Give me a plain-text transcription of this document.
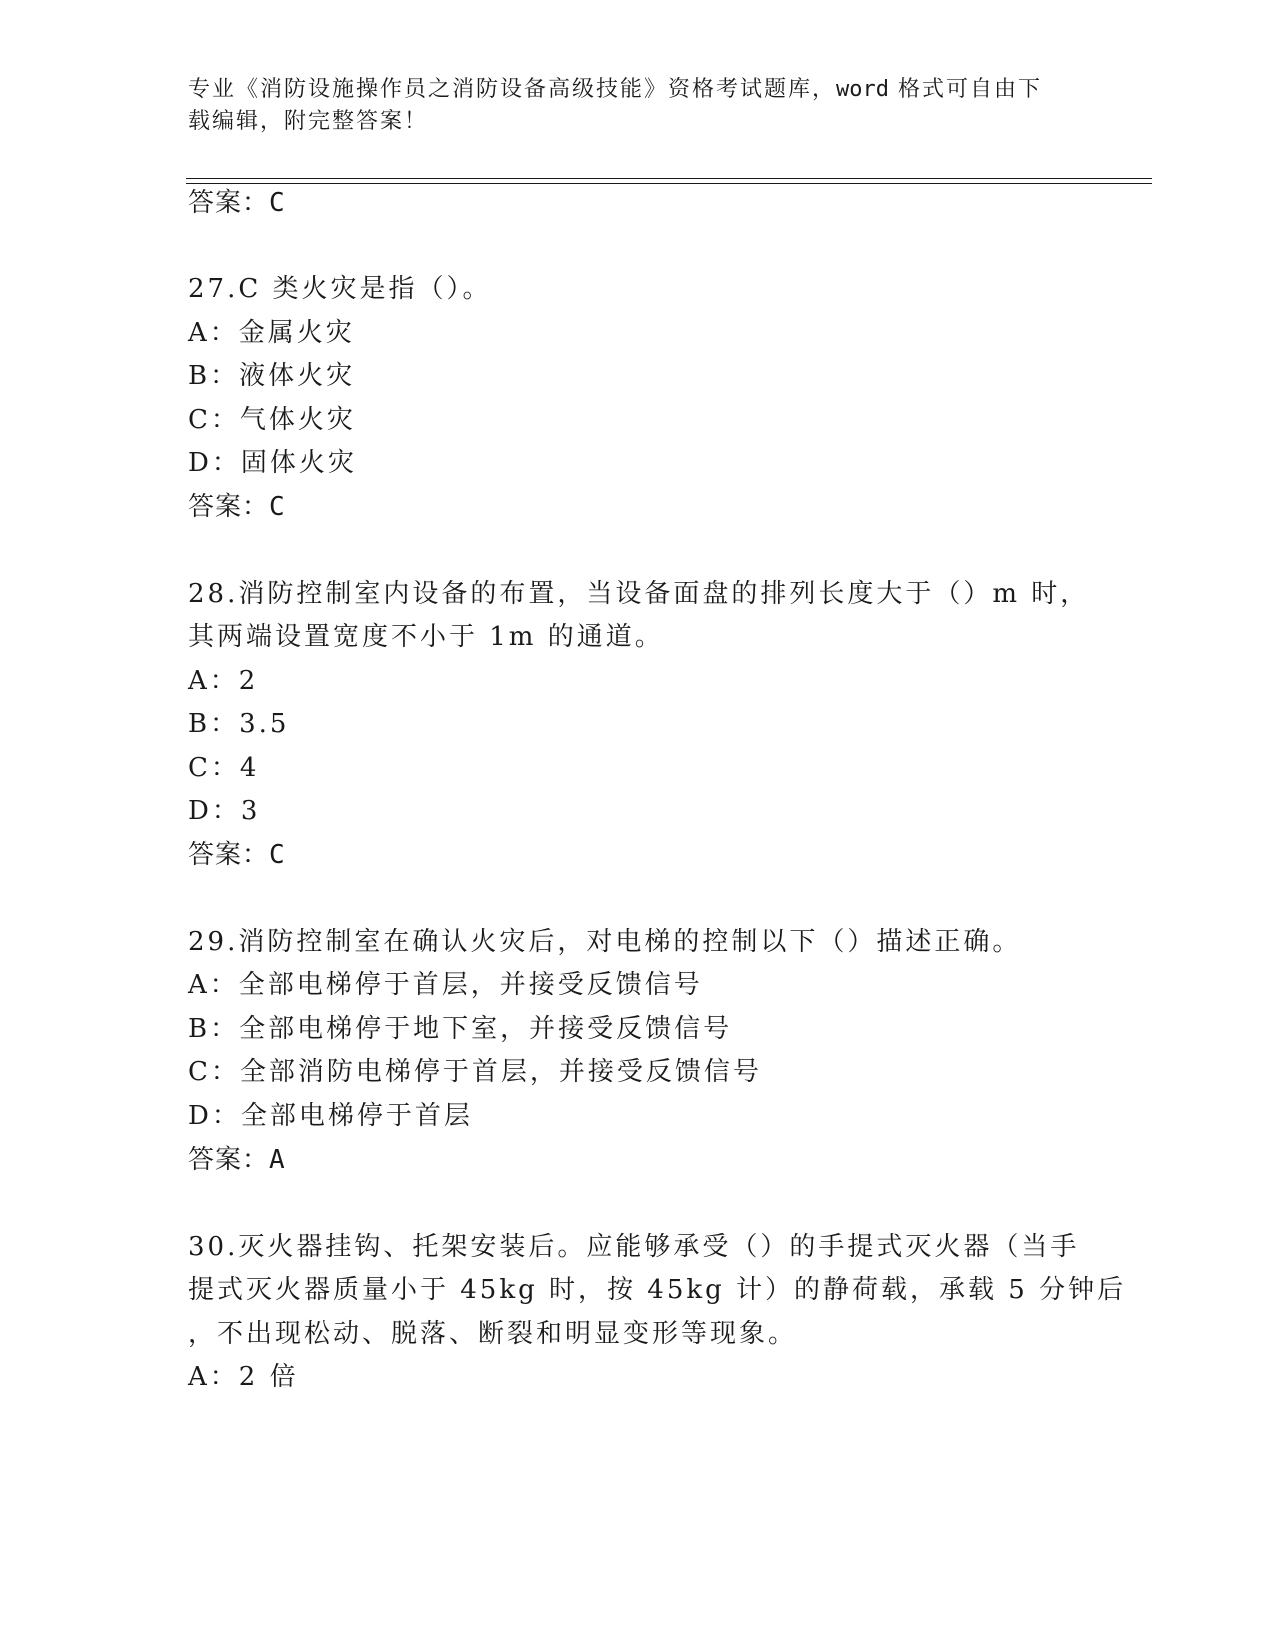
专业《消防设施操作员之消防设备高级技能》资格考试题库，word 格式可自由下
载编辑，附完整答案！
答案：C
27.C 类火灾是指（）。
A：金属火灾
B：液体火灾
C：气体火灾
D：固体火灾
答案：C
28.消防控制室内设备的布置，当设备面盘的排列长度大于（）m 时，
其两端设置宽度不小于 1m 的通道。
A：2
B：3.5
C：4
D：3
答案：C
29.消防控制室在确认火灾后，对电梯的控制以下（）描述正确。
A：全部电梯停于首层，并接受反馈信号
B：全部电梯停于地下室，并接受反馈信号
C：全部消防电梯停于首层，并接受反馈信号
D：全部电梯停于首层
答案：A
30.灭火器挂钩、托架安装后。应能够承受（）的手提式灭火器（当手
提式灭火器质量小于 45kg 时，按 45kg 计）的静荷载，承载 5 分钟后
，不出现松动、脱落、断裂和明显变形等现象。
A：2 倍
